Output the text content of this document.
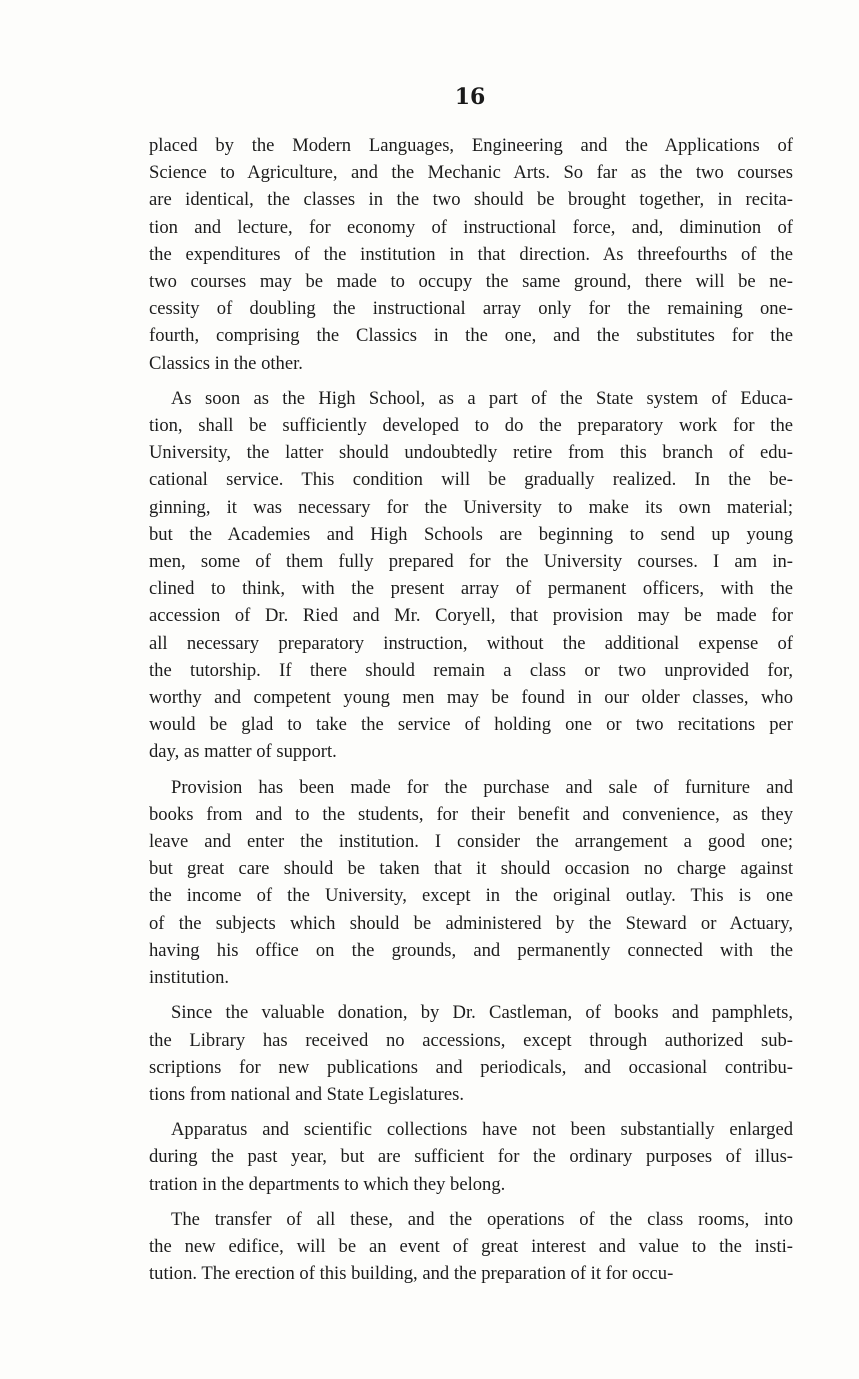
16
placed by the Modern Languages, Engineering and the Applications of
Science to Agriculture, and the Mechanic Arts. So far as the two courses
are identical, the classes in the two should be brought together, in recita-
tion and lecture, for economy of instructional force, and, diminution of
the expenditures of the institution in that direction. As threefourths of the
two courses may be made to occupy the same ground, there will be ne-
cessity of doubling the instructional array only for the remaining one-
fourth, comprising the Classics in the one, and the substitutes for the
Classics in the other.
As soon as the High School, as a part of the State system of Educa-
tion, shall be sufficiently developed to do the preparatory work for the
University, the latter should undoubtedly retire from this branch of edu-
cational service. This condition will be gradually realized. In the be-
ginning, it was necessary for the University to make its own material;
but the Academies and High Schools are beginning to send up young
men, some of them fully prepared for the University courses. I am in-
clined to think, with the present array of permanent officers, with the
accession of Dr. Ried and Mr. Coryell, that provision may be made for
all necessary preparatory instruction, without the additional expense of
the tutorship. If there should remain a class or two unprovided for,
worthy and competent young men may be found in our older classes, who
would be glad to take the service of holding one or two recitations per
day, as matter of support.
Provision has been made for the purchase and sale of furniture and
books from and to the students, for their benefit and convenience, as they
leave and enter the institution. I consider the arrangement a good one;
but great care should be taken that it should occasion no charge against
the income of the University, except in the original outlay. This is one
of the subjects which should be administered by the Steward or Actuary,
having his office on the grounds, and permanently connected with the
institution.
Since the valuable donation, by Dr. Castleman, of books and pamphlets,
the Library has received no accessions, except through authorized sub-
scriptions for new publications and periodicals, and occasional contribu-
tions from national and State Legislatures.
Apparatus and scientific collections have not been substantially enlarged
during the past year, but are sufficient for the ordinary purposes of illus-
tration in the departments to which they belong.
The transfer of all these, and the operations of the class rooms, into
the new edifice, will be an event of great interest and value to the insti-
tution. The erection of this building, and the preparation of it for occu-
